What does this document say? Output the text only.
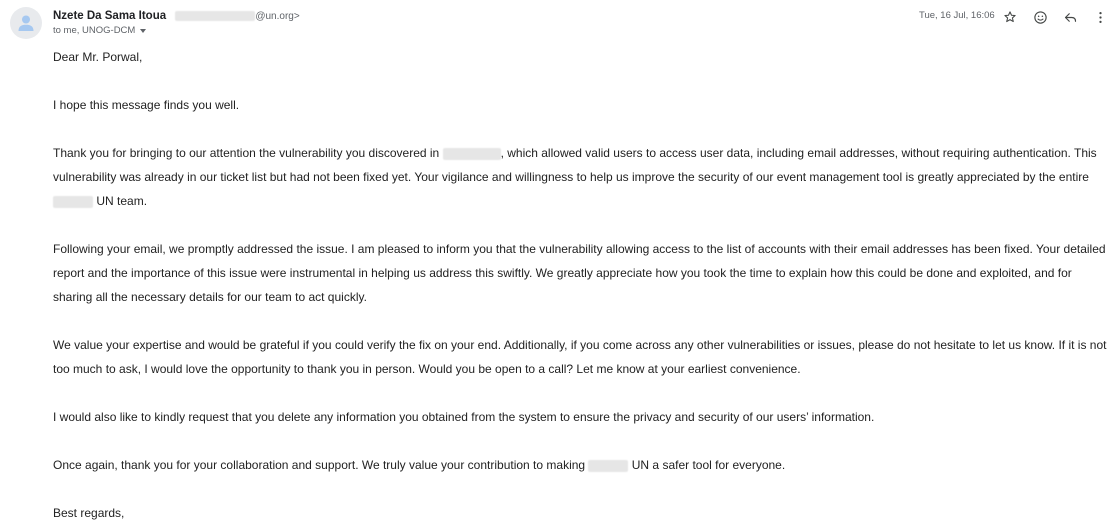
Nzete Da Sama Itoua	@un.org>
to me, UNOG-DCM
Tue, 16 Jul, 16:06

Dear Mr. Porwal,

I hope this message finds you well.

Thank you for bringing to our attention the vulnerability you discovered in	, which allowed valid users to access user data, including email addresses, without requiring authentication. This vulnerability was already in our ticket list but had not been fixed yet. Your vigilance and willingness to help us improve the security of our event management tool is greatly appreciated by the entire
UN team.

Following your email, we promptly addressed the issue. I am pleased to inform you that the vulnerability allowing access to the list of accounts with their email addresses has been fixed. Your detailed report and the importance of this issue were instrumental in helping us address this swiftly. We greatly appreciate how you took the time to explain how this could be done and exploited, and for sharing all the necessary details for our team to act quickly.

We value your expertise and would be grateful if you could verify the fix on your end. Additionally, if you come across any other vulnerabilities or issues, please do not hesitate to let us know. If it is not too much to ask, I would love the opportunity to thank you in person. Would you be open to a call? Let me know at your earliest convenience.

I would also like to kindly request that you delete any information you obtained from the system to ensure the privacy and security of our users’ information.

Once again, thank you for your collaboration and support. We truly value your contribution to making	UN a safer tool for everyone.

Best regards,
